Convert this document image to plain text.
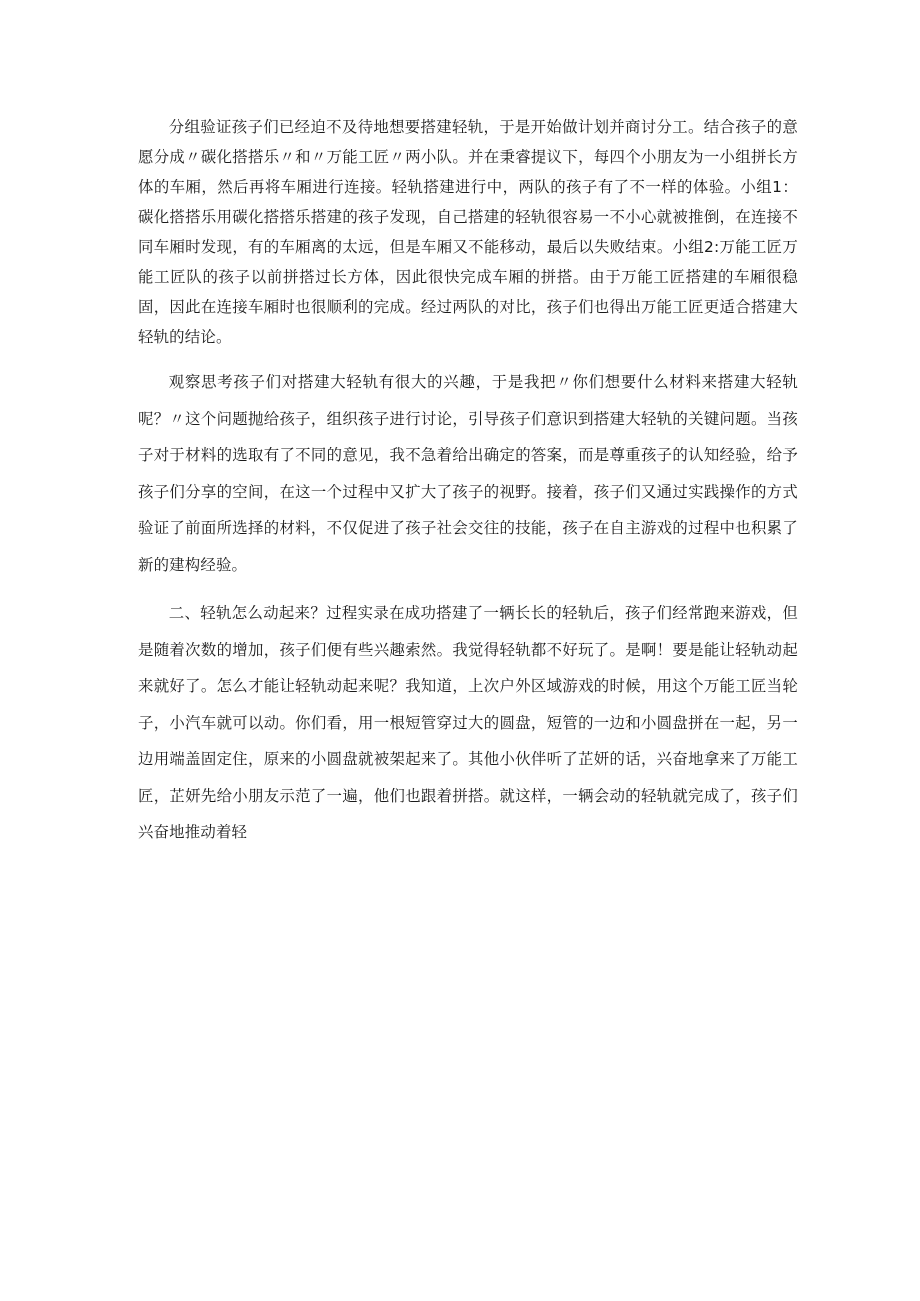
分组验证孩子们已经迫不及待地想要搭建轻轨，于是开始做计划并商讨分工。结合孩子的意愿分成〃碳化搭搭乐〃和〃万能工匠〃两小队。并在秉睿提议下，每四个小朋友为一小组拼长方体的车厢，然后再将车厢进行连接。轻轨搭建进行中，两队的孩子有了不一样的体验。小组1：碳化搭搭乐用碳化搭搭乐搭建的孩子发现，自己搭建的轻轨很容易一不小心就被推倒，在连接不同车厢时发现，有的车厢离的太远，但是车厢又不能移动，最后以失败结束。小组2:万能工匠万能工匠队的孩子以前拼搭过长方体，因此很快完成车厢的拼搭。由于万能工匠搭建的车厢很稳固，因此在连接车厢时也很顺利的完成。经过两队的对比，孩子们也得出万能工匠更适合搭建大轻轨的结论。

观察思考孩子们对搭建大轻轨有很大的兴趣，于是我把〃你们想要什么材料来搭建大轻轨呢？〃这个问题抛给孩子，组织孩子进行讨论，引导孩子们意识到搭建大轻轨的关键问题。当孩子对于材料的选取有了不同的意见，我不急着给出确定的答案，而是尊重孩子的认知经验，给予孩子们分享的空间，在这一个过程中又扩大了孩子的视野。接着，孩子们又通过实践操作的方式验证了前面所选择的材料，不仅促进了孩子社会交往的技能，孩子在自主游戏的过程中也积累了新的建构经验。

二、轻轨怎么动起来？过程实录在成功搭建了一辆长长的轻轨后，孩子们经常跑来游戏，但是随着次数的增加，孩子们便有些兴趣索然。我觉得轻轨都不好玩了。是啊！要是能让轻轨动起来就好了。怎么才能让轻轨动起来呢？我知道，上次户外区域游戏的时候，用这个万能工匠当轮子，小汽车就可以动。你们看，用一根短管穿过大的圆盘，短管的一边和小圆盘拼在一起，另一边用端盖固定住，原来的小圆盘就被架起来了。其他小伙伴听了芷妍的话，兴奋地拿来了万能工匠，芷妍先给小朋友示范了一遍，他们也跟着拼搭。就这样，一辆会动的轻轨就完成了，孩子们兴奋地推动着轻
